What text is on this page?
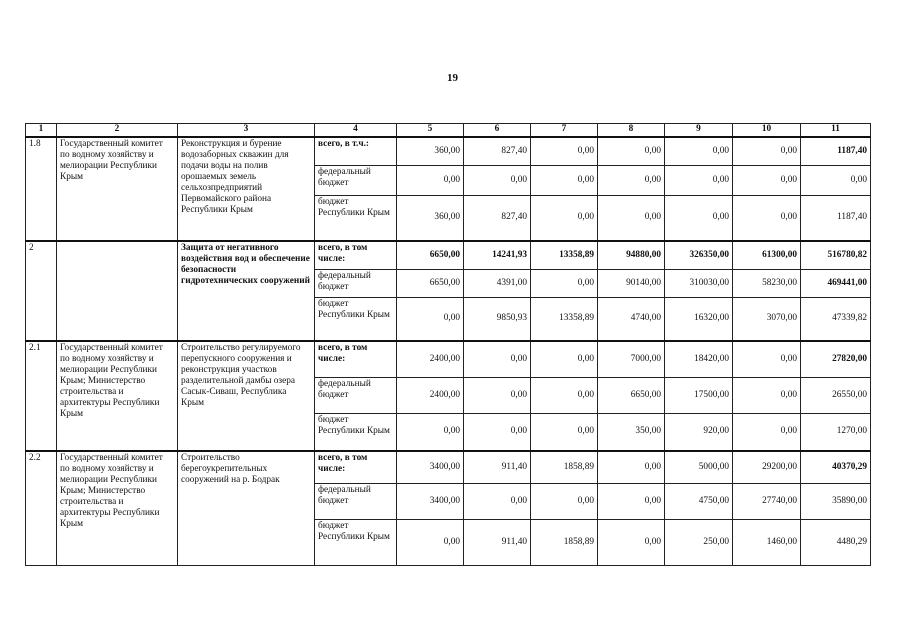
19
1	2	3	4	5	6	7	8	9	10	11
1.8	Государственный комитет по водному хозяйству и мелиорации Республики Крым	Реконструкция и бурение водозаборных скважин для подачи воды на полив орошаемых земель сельхозпредприятий Первомайского района Республики Крым	всего, в т.ч.:	360,00	827,40	0,00	0,00	0,00	0,00	1187,40
			федеральный бюджет	0,00	0,00	0,00	0,00	0,00	0,00	0,00
			бюджет Республики Крым	360,00	827,40	0,00	0,00	0,00	0,00	1187,40
2		Защита от негативного воздействия вод и обеспечение безопасности гидротехнических сооружений	всего, в том числе:	6650,00	14241,93	13358,89	94880,00	326350,00	61300,00	516780,82
			федеральный бюджет	6650,00	4391,00	0,00	90140,00	310030,00	58230,00	469441,00
			бюджет Республики Крым	0,00	9850,93	13358,89	4740,00	16320,00	3070,00	47339,82
2.1	Государственный комитет по водному хозяйству и мелиорации Республики Крым; Министерство строительства и архитектуры Республики Крым	Строительство регулируемого перепускного сооружения и реконструкция участков разделительной дамбы озера Сасык-Сиваш, Республика Крым	всего, в том числе:	2400,00	0,00	0,00	7000,00	18420,00	0,00	27820,00
			федеральный бюджет	2400,00	0,00	0,00	6650,00	17500,00	0,00	26550,00
			бюджет Республики Крым	0,00	0,00	0,00	350,00	920,00	0,00	1270,00
2.2	Государственный комитет по водному хозяйству и мелиорации Республики Крым; Министерство строительства и архитектуры Республики Крым	Строительство берегоукрепительных сооружений на р. Бодрак	всего, в том числе:	3400,00	911,40	1858,89	0,00	5000,00	29200,00	40370,29
			федеральный бюджет	3400,00	0,00	0,00	0,00	4750,00	27740,00	35890,00
			бюджет Республики Крым	0,00	911,40	1858,89	0,00	250,00	1460,00	4480,29
